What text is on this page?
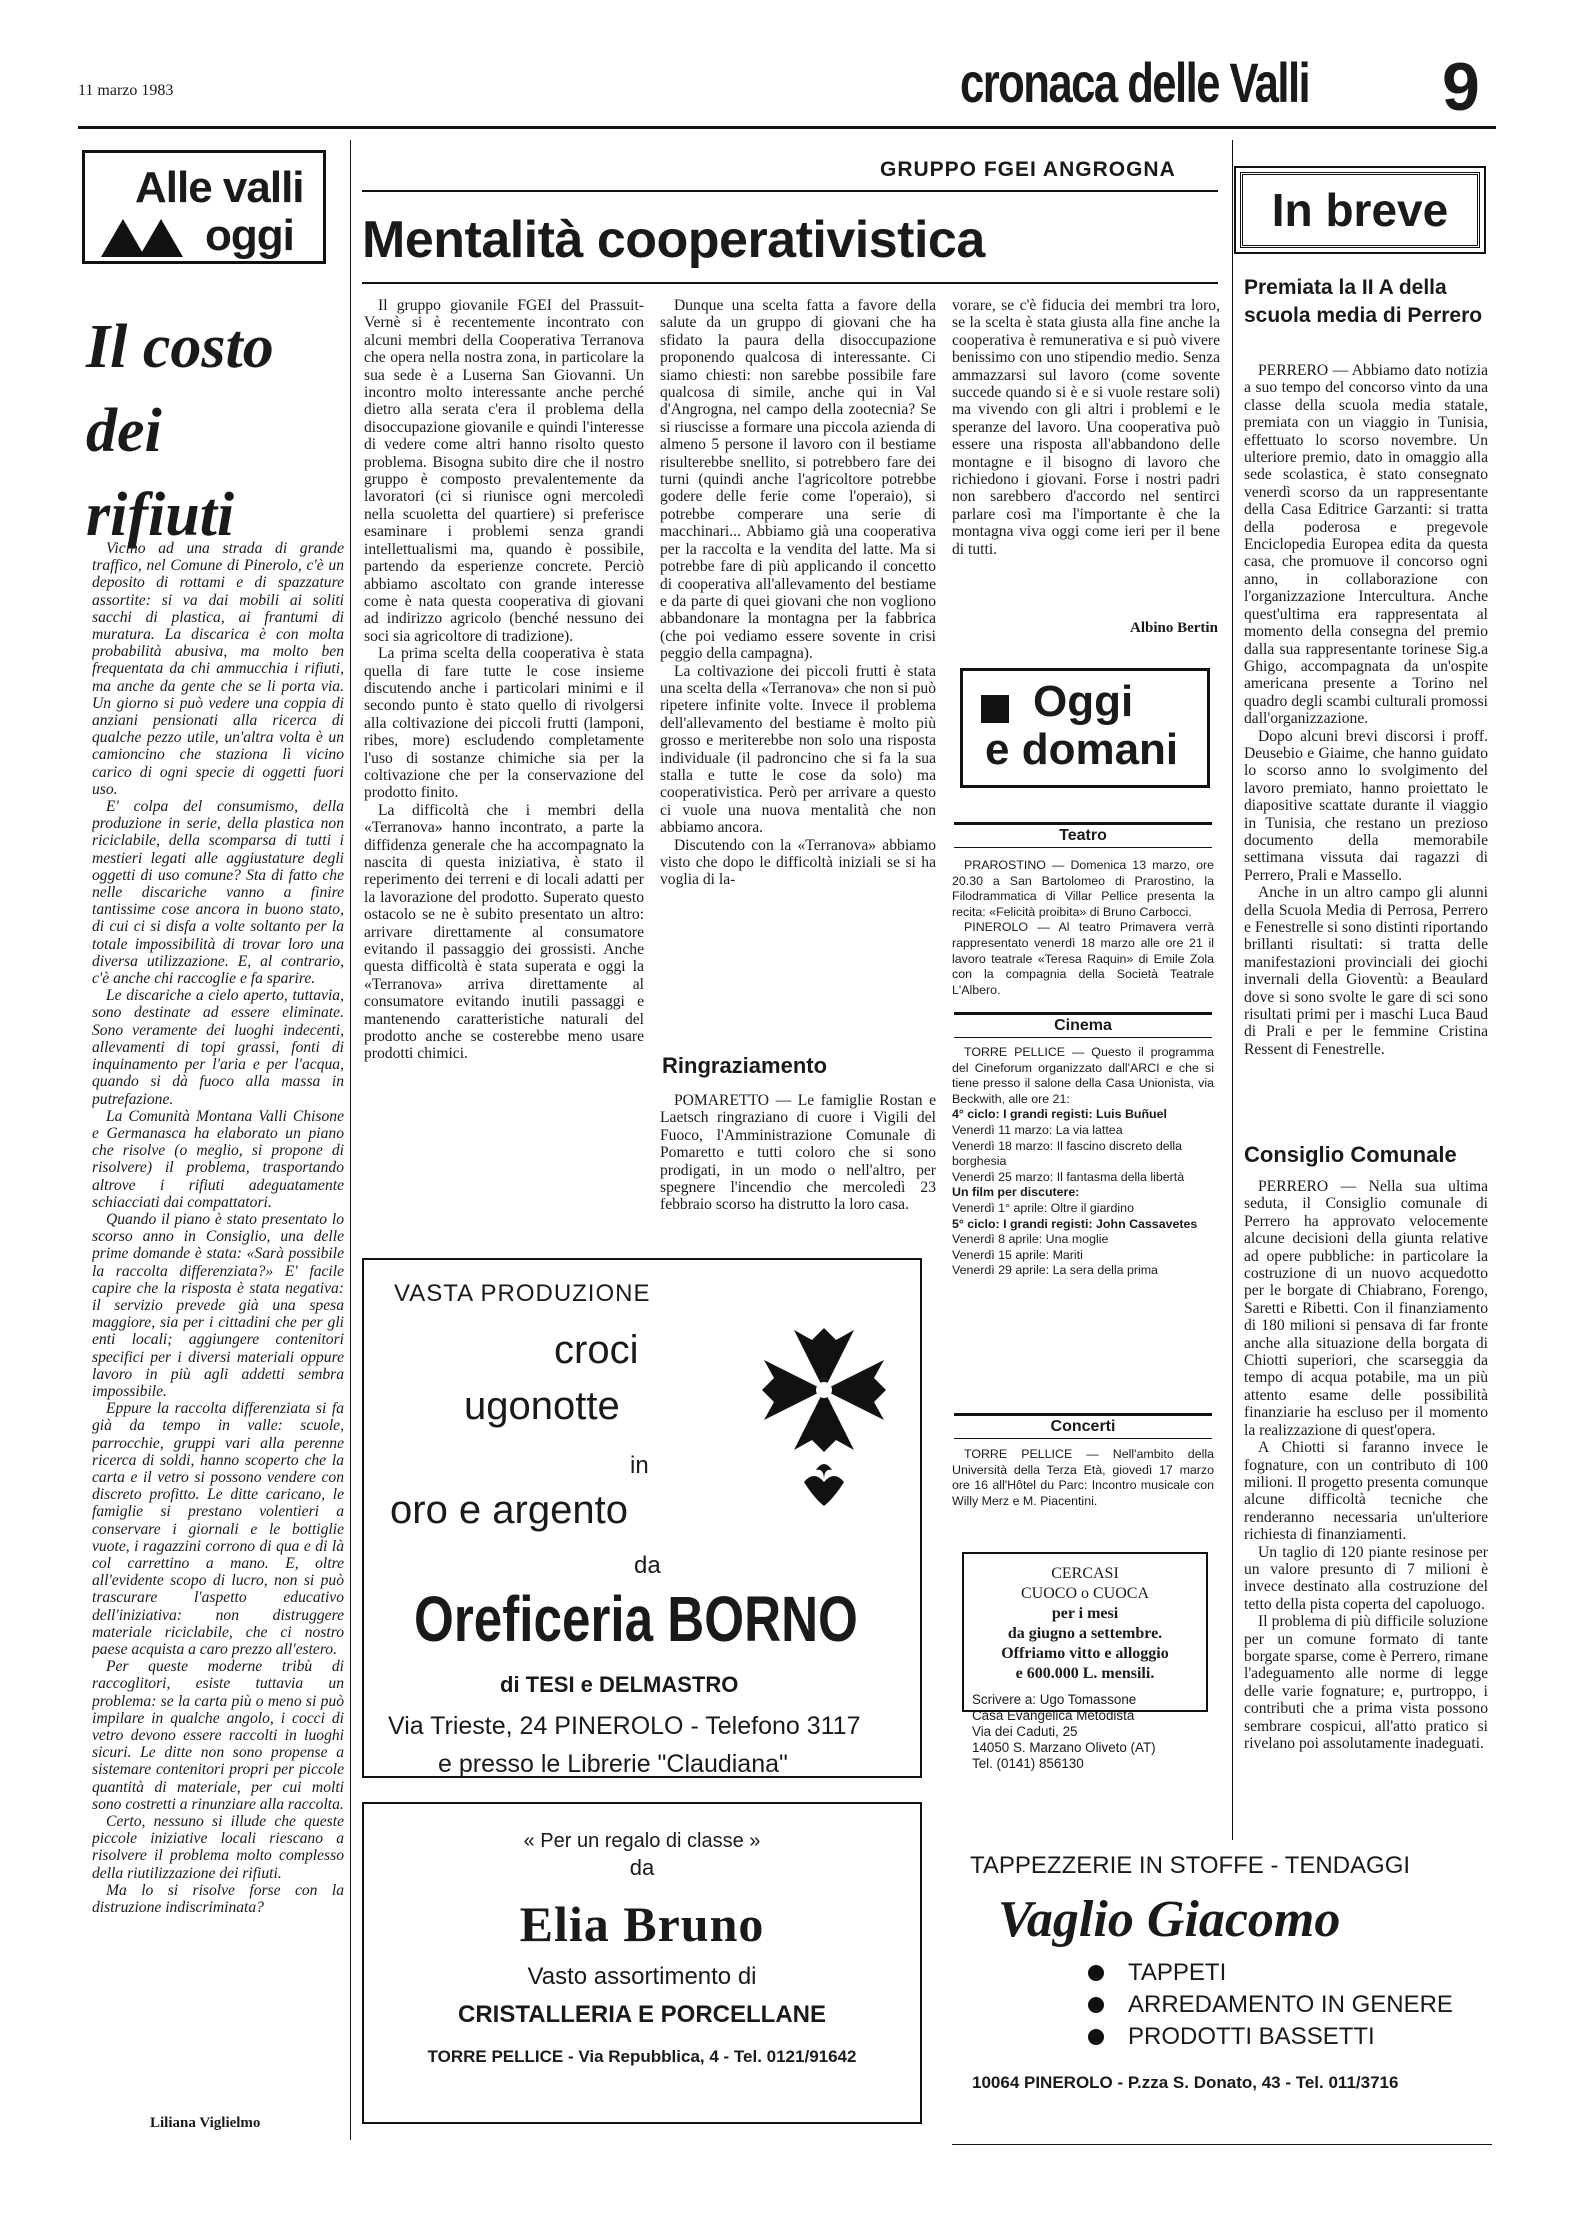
11 marzo 1983	cronaca delle Valli 9
Alle valli
oggi
Il costo
dei
rifiuti

Vicino ad una strada di grande traffico, nel Comune di Pinerolo, c'è un deposito di rottami e di spazzature assortite: si va dai mobili ai soliti sacchi di plastica, ai frantumi di muratura. La discarica è con molta probabilità abusiva, ma molto ben frequentata da chi ammucchia i rifiuti, ma anche da gente che se li porta via. Un giorno si può vedere una coppia di anziani pensionati alla ricerca di qualche pezzo utile, un'altra volta è un camioncino che staziona lì vicino carico di ogni specie di oggetti fuori uso.

E' colpa del consumismo, della produzione in serie, della plastica non riciclabile, della scomparsa di tutti i mestieri legati alle aggiustature degli oggetti di uso comune? Sta di fatto che nelle discariche vanno a finire tantissime cose ancora in buono stato, di cui ci si disfa a volte soltanto per la totale impossibilità di trovar loro una diversa utilizzazione. E, al contrario, c'è anche chi raccoglie e fa sparire.

Le discariche a cielo aperto, tuttavia, sono destinate ad essere eliminate. Sono veramente dei luoghi indecenti, allevamenti di topi grassi, fonti di inquinamento per l'aria e per l'acqua, quando si dà fuoco alla massa in putrefazione.

La Comunità Montana Valli Chisone e Germanasca ha elaborato un piano che risolve (o meglio, si propone di risolvere) il problema, trasportando altrove i rifiuti adeguatamente schiacciati dai compattatori.

Quando il piano è stato presentato lo scorso anno in Consiglio, una delle prime domande è stata: «Sarà possibile la raccolta differenziata?» E' facile capire che la risposta è stata negativa: il servizio prevede già una spesa maggiore, sia per i cittadini che per gli enti locali; aggiungere contenitori specifici per i diversi materiali oppure lavoro in più agli addetti sembra impossibile.

Eppure la raccolta differenziata si fa già da tempo in valle: scuole, parrocchie, gruppi vari alla perenne ricerca di soldi, hanno scoperto che la carta e il vetro si possono vendere con discreto profitto. Le ditte caricano, le famiglie si prestano volentieri a conservare i giornali e le bottiglie vuote, i ragazzini corrono di qua e di là col carrettino a mano. E, oltre all'evidente scopo di lucro, non si può trascurare l'aspetto educativo dell'iniziativa: non distruggere materiale riciclabile, che ci nostro paese acquista a caro prezzo all'estero.

Per queste moderne tribù di raccoglitori, esiste tuttavia un problema: se la carta più o meno si può impilare in qualche angolo, i cocci di vetro devono essere raccolti in luoghi sicuri. Le ditte non sono propense a sistemare contenitori propri per piccole quantità di materiale, per cui molti sono costretti a rinunziare alla raccolta.

Certo, nessuno si illude che queste piccole iniziative locali riescano a risolvere il problema molto complesso della riutilizzazione dei rifiuti.

Ma lo si risolve forse con la distruzione indiscriminata?

Liliana Viglielmo
GRUPPO FGEI ANGROGNA
Mentalità cooperativistica

Il gruppo giovanile FGEI del Prassuit-Vernè si è recentemente incontrato con alcuni membri della Cooperativa Terranova che opera nella nostra zona, in particolare la sua sede è a Luserna San Giovanni. Un incontro molto interessante anche perché dietro alla serata c'era il problema della disoccupazione giovanile e quindi l'interesse di vedere come altri hanno risolto questo problema. Bisogna subito dire che il nostro gruppo è composto prevalentemente da lavoratori (ci si riunisce ogni mercoledì nella scuoletta del quartiere) si preferisce esaminare i problemi senza grandi intellettualismi ma, quando è possibile, partendo da esperienze concrete. Perciò abbiamo ascoltato con grande interesse come è nata questa cooperativa di giovani ad indirizzo agricolo (benché nessuno dei soci sia agricoltore di tradizione).

La prima scelta della cooperativa è stata quella di fare tutte le cose insieme discutendo anche i particolari minimi e il secondo punto è stato quello di rivolgersi alla coltivazione dei piccoli frutti (lamponi, ribes, more) escludendo completamente l'uso di sostanze chimiche sia per la coltivazione che per la conservazione del prodotto finito.

La difficoltà che i membri della «Terranova» hanno incontrato, a parte la diffidenza generale che ha accompagnato la nascita di questa iniziativa, è stato il reperimento dei terreni e di locali adatti per la lavorazione del prodotto. Superato questo ostacolo se ne è subito presentato un altro: arrivare direttamente al consumatore evitando il passaggio dei grossisti. Anche questa difficoltà è stata superata e oggi la «Terranova» arriva direttamente al consumatore evitando inutili passaggi e mantenendo caratteristiche naturali del prodotto anche se costerebbe meno usare prodotti chimici.

Dunque una scelta fatta a favore della salute da un gruppo di giovani che ha sfidato la paura della disoccupazione proponendo qualcosa di interessante. Ci siamo chiesti: non sarebbe possibile fare qualcosa di simile, anche qui in Val d'Angrogna, nel campo della zootecnia? Se si riuscisse a formare una piccola azienda di almeno 5 persone il lavoro con il bestiame risulterebbe snellito, si potrebbero fare dei turni (quindi anche l'agricoltore potrebbe godere delle ferie come l'operaio), si potrebbe comperare una serie di macchinari... Abbiamo già una cooperativa per la raccolta e la vendita del latte. Ma si potrebbe fare di più applicando il concetto di cooperativa all'allevamento del bestiame e da parte di quei giovani che non vogliono abbandonare la montagna per la fabbrica (che poi vediamo essere sovente in crisi peggio della campagna).

La coltivazione dei piccoli frutti è stata una scelta della «Terranova» che non si può ripetere infinite volte. Invece il problema dell'allevamento del bestiame è molto più grosso e meriterebbe non solo una risposta individuale (il padroncino che si fa la sua stalla e tutte le cose da solo) ma cooperativistica. Però per arrivare a questo ci vuole una nuova mentalità che non abbiamo ancora.

Discutendo con la «Terranova» abbiamo visto che dopo le difficoltà iniziali se si ha voglia di la-

vorare, se c'è fiducia dei membri tra loro, se la scelta è stata giusta alla fine anche la cooperativa è remunerativa e si può vivere benissimo con uno stipendio medio. Senza ammazzarsi sul lavoro (come sovente succede quando si è e si vuole restare soli) ma vivendo con gli altri i problemi e le speranze del lavoro. Una cooperativa può essere una risposta all'abbandono delle montagne e il bisogno di lavoro che richiedono i giovani. Forse i nostri padri non sarebbero d'accordo nel sentirci parlare così ma l'importante è che la montagna viva oggi come ieri per il bene di tutti.

Albino Bertin
Ringraziamento

POMARETTO — Le famiglie Rostan e Laetsch ringraziano di cuore i Vigili del Fuoco, l'Amministrazione Comunale di Pomaretto e tutti coloro che si sono prodigati, in un modo o nell'altro, per spegnere l'incendio che mercoledì 23 febbraio scorso ha distrutto la loro casa.

Oggi
e domani
Teatro

PRAROSTINO — Domenica 13 marzo, ore 20.30 a San Bartolomeo di Prarostino, la Filodrammatica di Villar Pellice presenta la recita: «Felicità proibita» di Bruno Carbocci.

PINEROLO — Al teatro Primavera verrà rappresentato venerdì 18 marzo alle ore 21 il lavoro teatrale «Teresa Raquin» di Emile Zola con la compagnia della Società Teatrale L'Albero.

Cinema

TORRE PELLICE — Questo il programma del Cineforum organizzato dall'ARCI e che si tiene presso il salone della Casa Unionista, via Beckwith, alle ore 21:

4° ciclo: I grandi registi: Luis Buñuel
Venerdì 11 marzo: La via lattea
Venerdì 18 marzo: Il fascino discreto della borghesia
Venerdì 25 marzo: Il fantasma della libertà
Un film per discutere:
Venerdì 1° aprile: Oltre il giardino
5° ciclo: I grandi registi: John Cassavetes
Venerdì 8 aprile: Una moglie
Venerdì 15 aprile: Mariti
Venerdì 29 aprile: La sera della prima
Concerti

TORRE PELLICE — Nell'ambito della Università della Terza Età, giovedì 17 marzo ore 16 all'Hôtel du Parc: Incontro musicale con Willy Merz e M. Piacentini.

CERCASI
CUOCO o CUOCA
per i mesi
da giugno a settembre.
Offriamo vitto e alloggio
e 600.000 L. mensili.
Scrivere a: Ugo Tomassone
Casa Evangelica Metodista
Via dei Caduti, 25
14050 S. Marzano Oliveto (AT)
Tel. (0141) 856130
In breve
Premiata la II A della scuola media di Perrero

PERRERO — Abbiamo dato notizia a suo tempo del concorso vinto da una classe della scuola media statale, premiata con un viaggio in Tunisia, effettuato lo scorso novembre. Un ulteriore premio, dato in omaggio alla sede scolastica, è stato consegnato venerdì scorso da un rappresentante della Casa Editrice Garzanti: si tratta della poderosa e pregevole Enciclopedia Europea edita da questa casa, che promuove il concorso ogni anno, in collaborazione con l'organizzazione Intercultura. Anche quest'ultima era rappresentata al momento della consegna del premio dalla sua rappresentante torinese Sig.a Ghigo, accompagnata da un'ospite americana presente a Torino nel quadro degli scambi culturali promossi dall'organizzazione.

Dopo alcuni brevi discorsi i proff. Deusebio e Giaime, che hanno guidato lo scorso anno lo svolgimento del lavoro premiato, hanno proiettato le diapositive scattate durante il viaggio in Tunisia, che restano un prezioso documento della memorabile settimana vissuta dai ragazzi di Perrero, Prali e Massello.

Anche in un altro campo gli alunni della Scuola Media di Perrosa, Perrero e Fenestrelle si sono distinti riportando brillanti risultati: si tratta delle manifestazioni provinciali dei giochi invernali della Gioventù: a Beaulard dove si sono svolte le gare di sci sono risultati primi per i maschi Luca Baud di Prali e per le femmine Cristina Ressent di Fenestrelle.

Consiglio Comunale

PERRERO — Nella sua ultima seduta, il Consiglio comunale di Perrero ha approvato velocemente alcune decisioni della giunta relative ad opere pubbliche: in particolare la costruzione di un nuovo acquedotto per le borgate di Chiabrano, Forengo, Saretti e Ribetti. Con il finanziamento di 180 milioni si pensava di far fronte anche alla situazione della borgata di Chiotti superiori, che scarseggia da tempo di acqua potabile, ma un più attento esame delle possibilità finanziarie ha escluso per il momento la realizzazione di quest'opera.

A Chiotti si faranno invece le fognature, con un contributo di 100 milioni. Il progetto presenta comunque alcune difficoltà tecniche che renderanno necessaria un'ulteriore richiesta di finanziamenti.

Un taglio di 120 piante resinose per un valore presunto di 7 milioni è invece destinato alla costruzione del tetto della pista coperta del capoluogo.

Il problema di più difficile soluzione per un comune formato di tante borgate sparse, come è Perrero, rimane l'adeguamento alle norme di legge delle varie fognature; e, purtroppo, i contributi che a prima vista possono sembrare cospicui, all'atto pratico si rivelano poi assolutamente inadeguati.

VASTA PRODUZIONE
croci
ugonotte
in
oro e argento
da
Oreficeria BORNO
di TESI e DELMASTRO
Via Trieste, 24 PINEROLO - Telefono 3117
e presso le Librerie "Claudiana"
« Per un regalo di classe »
da
Elia Bruno
Vasto assortimento di
CRISTALLERIA E PORCELLANE
TORRE PELLICE - Via Repubblica, 4 - Tel. 0121/91642
TAPPEZZERIE IN STOFFE - TENDAGGI
Vaglio Giacomo
TAPPETI
ARREDAMENTO IN GENERE
PRODOTTI BASSETTI
10064 PINEROLO - P.zza S. Donato, 43 - Tel. 011/3716
